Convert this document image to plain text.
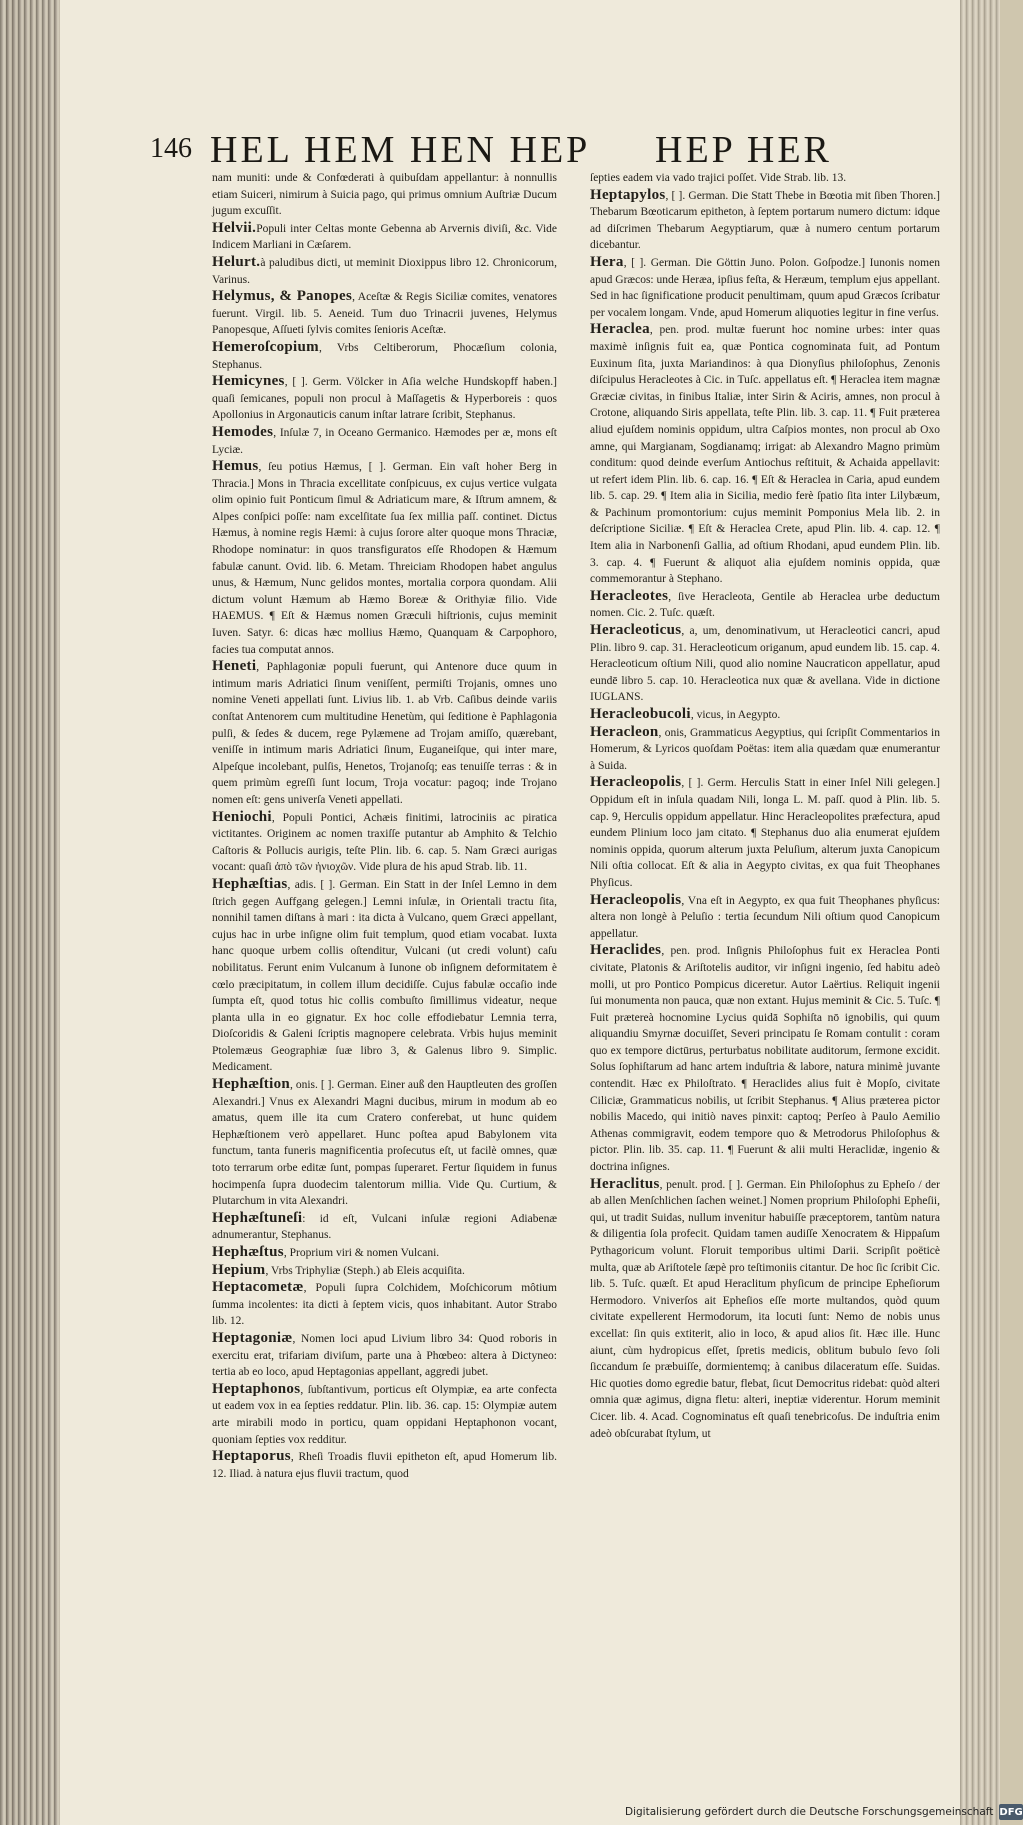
146 HEL HEM HEN HEP HEP HER
nam muniti: unde & Confœderati à quibuſdam appellantur: à nonnullis etiam Suiceri, nimirum à Suicia pago, qui primus omnium Auſtriæ Ducum jugum excuſſit.
Helvii.Populi inter Celtas monte Gebenna ab Arvernis diviſi, &c. Vide Indicem Marliani in Cæſarem.
Helurt.à paludibus dicti, ut meminit Dioxippus libro 12. Chronicorum, Varinus.
Helymus, & Panopes, Aceſtæ & Regis Siciliæ comites, venatores fuerunt. Virgil. lib. 5. Aeneid. Tum duo Trinacrii juvenes, Helymus Panopesque, Aſſueti ſylvis comites ſenioris Aceſtæ.
Hemeroſcopium, Vrbs Celtiberorum, Phocæſium colonia, Stephanus.
Hemicynes, [ ]. Germ. Völcker in Aſia welche Hundskopff haben.] quaſi ſemicanes, populi non procul à Maſſagetis & Hyperboreis : quos Apollonius in Argonauticis canum inſtar latrare ſcribit, Stephanus.
Hemodes, Inſulæ 7, in Oceano Germanico. Hæmodes per æ, mons eſt Lyciæ.
Hemus, ſeu potius Hæmus, [ ]. German. Ein vaſt hoher Berg in Thracia.] Mons in Thracia excellitate conſpicuus, ex cujus vertice vulgata olim opinio fuit Ponticum ſimul & Adriaticum mare, & Iſtrum amnem, & Alpes conſpici poſſe: nam excelſitate ſua ſex millia paſſ. continet. Dictus Hæmus, à nomine regis Hæmi: à cujus ſorore alter quoque mons Thraciæ, Rhodope nominatur: in quos transfiguratos eſſe Rhodopen & Hæmum fabulæ canunt. Ovid. lib. 6. Metam. Threiciam Rhodopen habet angulus unus, & Hæmum, Nunc gelidos montes, mortalia corpora quondam. Alii dictum volunt Hæmum ab Hæmo Boreæ & Orithyiæ filio. Vide HAEMUS. ¶ Eſt & Hæmus nomen Græculi hiſtrionis, cujus meminit Iuven. Satyr. 6: dicas hæc mollius Hæmo, Quanquam & Carpophoro, facies tua computat annos.
Heneti, Paphlagoniæ populi fuerunt, qui Antenore duce quum in intimum maris Adriatici ſinum veniſſent, permiſti Trojanis, omnes uno nomine Veneti appellati ſunt. Livius lib. 1. ab Vrb. Caſibus deinde variis conſtat Antenorem cum multitudine Henetùm, qui ſeditione è Paphlagonia pulſi, & ſedes & ducem, rege Pylæmene ad Trojam amiſſo, quærebant, veniſſe in intimum maris Adriatici ſinum, Euganeiſque, qui inter mare, Alpeſque incolebant, pulſis, Henetos, Trojanoſq; eas tenuiſſe terras : & in quem primùm egreſſi ſunt locum, Troja vocatur: pagoq; inde Trojano nomen eſt: gens univerſa Veneti appellati.
Heniochi, Populi Pontici, Achæis finitimi, latrociniis ac piratica victitantes. Originem ac nomen traxiſſe putantur ab Amphito & Telchio Caſtoris & Pollucis aurigis, teſte Plin. lib. 6. cap. 5. Nam Græci aurigas vocant: quaſi ἀπὸ τῶν ἡνιοχῶν. Vide plura de his apud Strab. lib. 11.
Hephæſtias, adis. [ ]. German. Ein Statt in der Inſel Lemno in dem ſtrich gegen Auffgang gelegen.] Lemni inſulæ, in Orientali tractu ſita, nonnihil tamen diſtans à mari : ita dicta à Vulcano, quem Græci appellant, cujus hac in urbe inſigne olim fuit templum, quod etiam vocabat. Iuxta hanc quoque urbem collis oſtenditur, Vulcani (ut credi volunt) caſu nobilitatus. Ferunt enim Vulcanum à Iunone ob inſignem deformitatem è cœlo præcipitatum, in collem illum decidiſſe. Cujus fabulæ occaſio inde ſumpta eſt, quod totus hic collis combuſto ſimillimus videatur, neque planta ulla in eo gignatur. Ex hoc colle effodiebatur Lemnia terra, Dioſcoridis & Galeni ſcriptis magnopere celebrata. Vrbis hujus meminit Ptolemæus Geographiæ ſuæ libro 3, & Galenus libro 9. Simplic. Medicament.
Hephæſtion, onis. [ ]. German. Einer auß den Hauptleuten des groſſen Alexandri.] Vnus ex Alexandri Magni ducibus, mirum in modum ab eo amatus, quem ille ita cum Cratero conferebat, ut hunc quidem Hephæſtionem verò appellaret. Hunc poſtea apud Babylonem vita functum, tanta funeris magnificentia proſecutus eſt, ut facilè omnes, quæ toto terrarum orbe editæ ſunt, pompas ſuperaret. Fertur ſiquidem in funus hocimpenſa ſupra duodecim talentorum millia. Vide Qu. Curtium, & Plutarchum in vita Alexandri.
Hephæſtuneſi: id eſt, Vulcani inſulæ regioni Adiabenæ adnumerantur, Stephanus.
Hephæſtus, Proprium viri & nomen Vulcani.
Hepium, Vrbs Triphyliæ (Steph.) ab Eleis acquiſita.
Heptacometæ, Populi ſupra Colchidem, Moſchicorum môtium ſumma incolentes: ita dicti à ſeptem vicis, quos inhabitant. Autor Strabo lib. 12.
Heptagoniæ, Nomen loci apud Livium libro 34: Quod roboris in exercitu erat, trifariam diviſum, parte una à Phœbeo: altera à Dictyneo: tertia ab eo loco, apud Heptagonias appellant, aggredi jubet.
Heptaphonos, ſubſtantivum, porticus eſt Olympiæ, ea arte confecta ut eadem vox in ea ſepties reddatur. Plin. lib. 36. cap. 15: Olympiæ autem arte mirabili modo in porticu, quam oppidani Heptaphonon vocant, quoniam ſepties vox redditur.
Heptaporus, Rheſi Troadis fluvii epitheton eſt, apud Homerum lib. 12. Iliad. à natura ejus fluvii tractum, quod
ſepties eadem via vado trajici poſſet. Vide Strab. lib. 13.
Heptapylos, [ ]. German. Die Statt Thebe in Bœotia mit ſiben Thoren.] Thebarum Bœoticarum epitheton, à ſeptem portarum numero dictum: idque ad diſcrimen Thebarum Aegyptiarum, quæ à numero centum portarum dicebantur.
Hera, [ ]. German. Die Göttin Juno. Polon. Goſpodze.] Iunonis nomen apud Græcos: unde Heræa, ipſius feſta, & Heræum, templum ejus appellant. Sed in hac ſignificatione producit penultimam, quum apud Græcos ſcribatur per vocalem longam. Vnde, apud Homerum aliquoties legitur in fine verſus.
Heraclea, pen. prod. multæ fuerunt hoc nomine urbes: inter quas maximè inſignis fuit ea, quæ Pontica cognominata fuit, ad Pontum Euxinum ſita, juxta Mariandinos: à qua Dionyſius philoſophus, Zenonis diſcipulus Heracleotes à Cic. in Tuſc. appellatus eſt. ¶ Heraclea item magnæ Græciæ civitas, in finibus Italiæ, inter Sirin & Aciris, amnes, non procul à Crotone, aliquando Siris appellata, teſte Plin. lib. 3. cap. 11. ¶ Fuit præterea aliud ejuſdem nominis oppidum, ultra Caſpios montes, non procul ab Oxo amne, qui Margianam, Sogdianamq; irrigat: ab Alexandro Magno primùm conditum: quod deinde everſum Antiochus reſtituit, & Achaida appellavit: ut refert idem Plin. lib. 6. cap. 16. ¶ Eſt & Heraclea in Caria, apud eundem lib. 5. cap. 29. ¶ Item alia in Sicilia, medio ferè ſpatio ſita inter Lilybæum, & Pachinum promontorium: cujus meminit Pomponius Mela lib. 2. in deſcriptione Siciliæ. ¶ Eſt & Heraclea Crete, apud Plin. lib. 4. cap. 12. ¶ Item alia in Narbonenſi Gallia, ad oſtium Rhodani, apud eundem Plin. lib. 3. cap. 4. ¶ Fuerunt & aliquot alia ejuſdem nominis oppida, quæ commemorantur à Stephano.
Heracleotes, ſive Heracleota, Gentile ab Heraclea urbe deductum nomen. Cic. 2. Tuſc. quæſt.
Heracleoticus, a, um, denominativum, ut Heracleotici cancri, apud Plin. libro 9. cap. 31. Heracleoticum origanum, apud eundem lib. 15. cap. 4. Heracleoticum oſtium Nili, quod alio nomine Naucraticon appellatur, apud eundē libro 5. cap. 10. Heracleotica nux quæ & avellana. Vide in dictione IUGLANS.
Heracleobucoli, vicus, in Aegypto.
Heracleon, onis, Grammaticus Aegyptius, qui ſcripſit Commentarios in Homerum, & Lyricos quoſdam Poëtas: item alia quædam quæ enumerantur à Suida.
Heracleopolis, [ ]. Germ. Herculis Statt in einer Inſel Nili gelegen.] Oppidum eſt in inſula quadam Nili, longa L. M. paſſ. quod à Plin. lib. 5. cap. 9, Herculis oppidum appellatur. Hinc Heracleopolites præfectura, apud eundem Plinium loco jam citato. ¶ Stephanus duo alia enumerat ejuſdem nominis oppida, quorum alterum juxta Peluſium, alterum juxta Canopicum Nili oſtia collocat. Eſt & alia in Aegypto civitas, ex qua fuit Theophanes Phyſicus.
Heracleopolis, Vna eſt in Aegypto, ex qua fuit Theophanes phyſicus: altera non longè à Peluſio : tertia ſecundum Nili oſtium quod Canopicum appellatur.
Heraclides, pen. prod. Inſignis Philoſophus fuit ex Heraclea Ponti civitate, Platonis & Ariſtotelis auditor, vir inſigni ingenio, ſed habitu adeò molli, ut pro Pontico Pompicus diceretur. Autor Laërtius. Reliquit ingenii ſui monumenta non pauca, quæ non extant. Hujus meminit & Cic. 5. Tuſc. ¶ Fuit prætereà hocnomine Lycius quidā Sophiſta nō ignobilis, qui quum aliquandiu Smyrnæ docuiſſet, Severi principatu ſe Romam contulit : coram quo ex tempore dictūrus, perturbatus nobilitate auditorum, ſermone excidit. Solus ſophiſtarum ad hanc artem induſtria & labore, natura minimè juvante contendit. Hæc ex Philoſtrato. ¶ Heraclides alius fuit è Mopſo, civitate Ciliciæ, Grammaticus nobilis, ut ſcribit Stephanus. ¶ Alius præterea pictor nobilis Macedo, qui initiò naves pinxit: captoq; Perſeo à Paulo Aemilio Athenas commigravit, eodem tempore quo & Metrodorus Philoſophus & pictor. Plin. lib. 35. cap. 11. ¶ Fuerunt & alii multi Heraclidæ, ingenio & doctrina inſignes.
Heraclitus, penult. prod. [ ]. German. Ein Philoſophus zu Epheſo / der ab allen Menſchlichen ſachen weinet.] Nomen proprium Philoſophi Epheſii, qui, ut tradit Suidas, nullum invenitur habuiſſe præceptorem, tantùm natura & diligentia ſola profecit. Quidam tamen audiſſe Xenocratem & Hippaſum Pythagoricum volunt. Floruit temporibus ultimi Darii. Scripſit poëticè multa, quæ ab Ariſtotele ſæpè pro teſtimoniis citantur. De hoc ſic ſcribit Cic. lib. 5. Tuſc. quæſt. Et apud Heraclitum phyſicum de principe Epheſiorum Hermodoro. Vniverſos ait Epheſios eſſe morte multandos, quòd quum civitate expellerent Hermodorum, ita locuti ſunt: Nemo de nobis unus excellat: ſin quis extiterit, alio in loco, & apud alios ſit. Hæc ille. Hunc aiunt, cùm hydropicus eſſet, ſpretis medicis, oblitum bubulo ſevo ſoli ſiccandum ſe præbuiſſe, dormientemq; à canibus dilaceratum eſſe. Suidas. Hic quoties domo egredie batur, flebat, ſicut Democritus ridebat: quòd alteri omnia quæ agimus, digna fletu: alteri, ineptiæ viderentur. Horum meminit Cicer. lib. 4. Acad. Cognominatus eſt quaſi tenebricoſus. De induſtria enim adeò obſcurabat ſtylum, ut
Digitalisierung gefördert durch die Deutsche Forschungsgemeinschaft DFG
